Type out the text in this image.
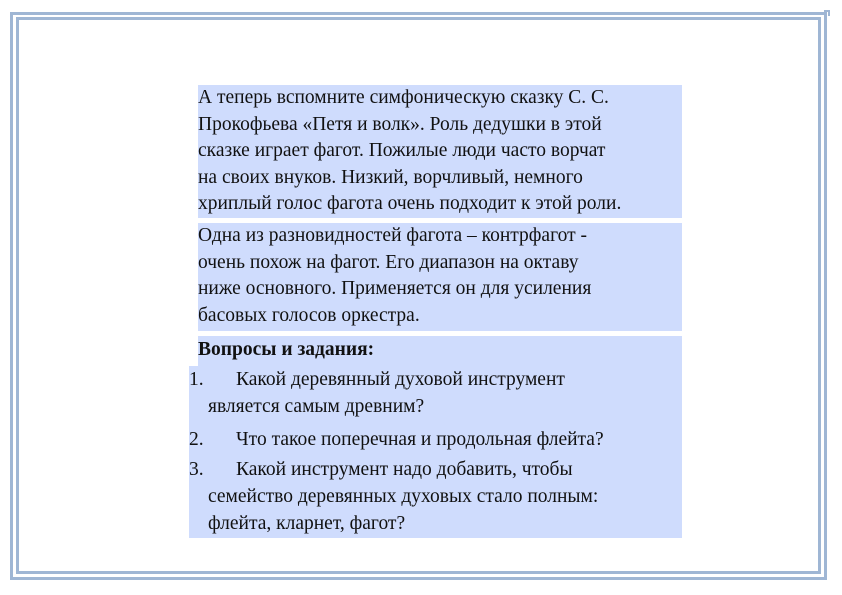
А теперь вспомните симфоническую сказку С. С.
Прокофьева «Петя и волк». Роль дедушки в этой
сказке играет фагот. Пожилые люди часто ворчат
на своих внуков. Низкий, ворчливый, немного
хриплый голос фагота очень подходит к этой роли.
Одна из разновидностей фагота – контрфагот -
очень похож на фагот. Его диапазон на октаву
ниже основного. Применяется он для усиления
басовых голосов оркестра.
Вопросы и задания:
1. Какой деревянный духовой инструмент
является самым древним?
2. Что такое поперечная и продольная флейта?
3. Какой инструмент надо добавить, чтобы
семейство деревянных духовых стало полным:
флейта, кларнет, фагот?
